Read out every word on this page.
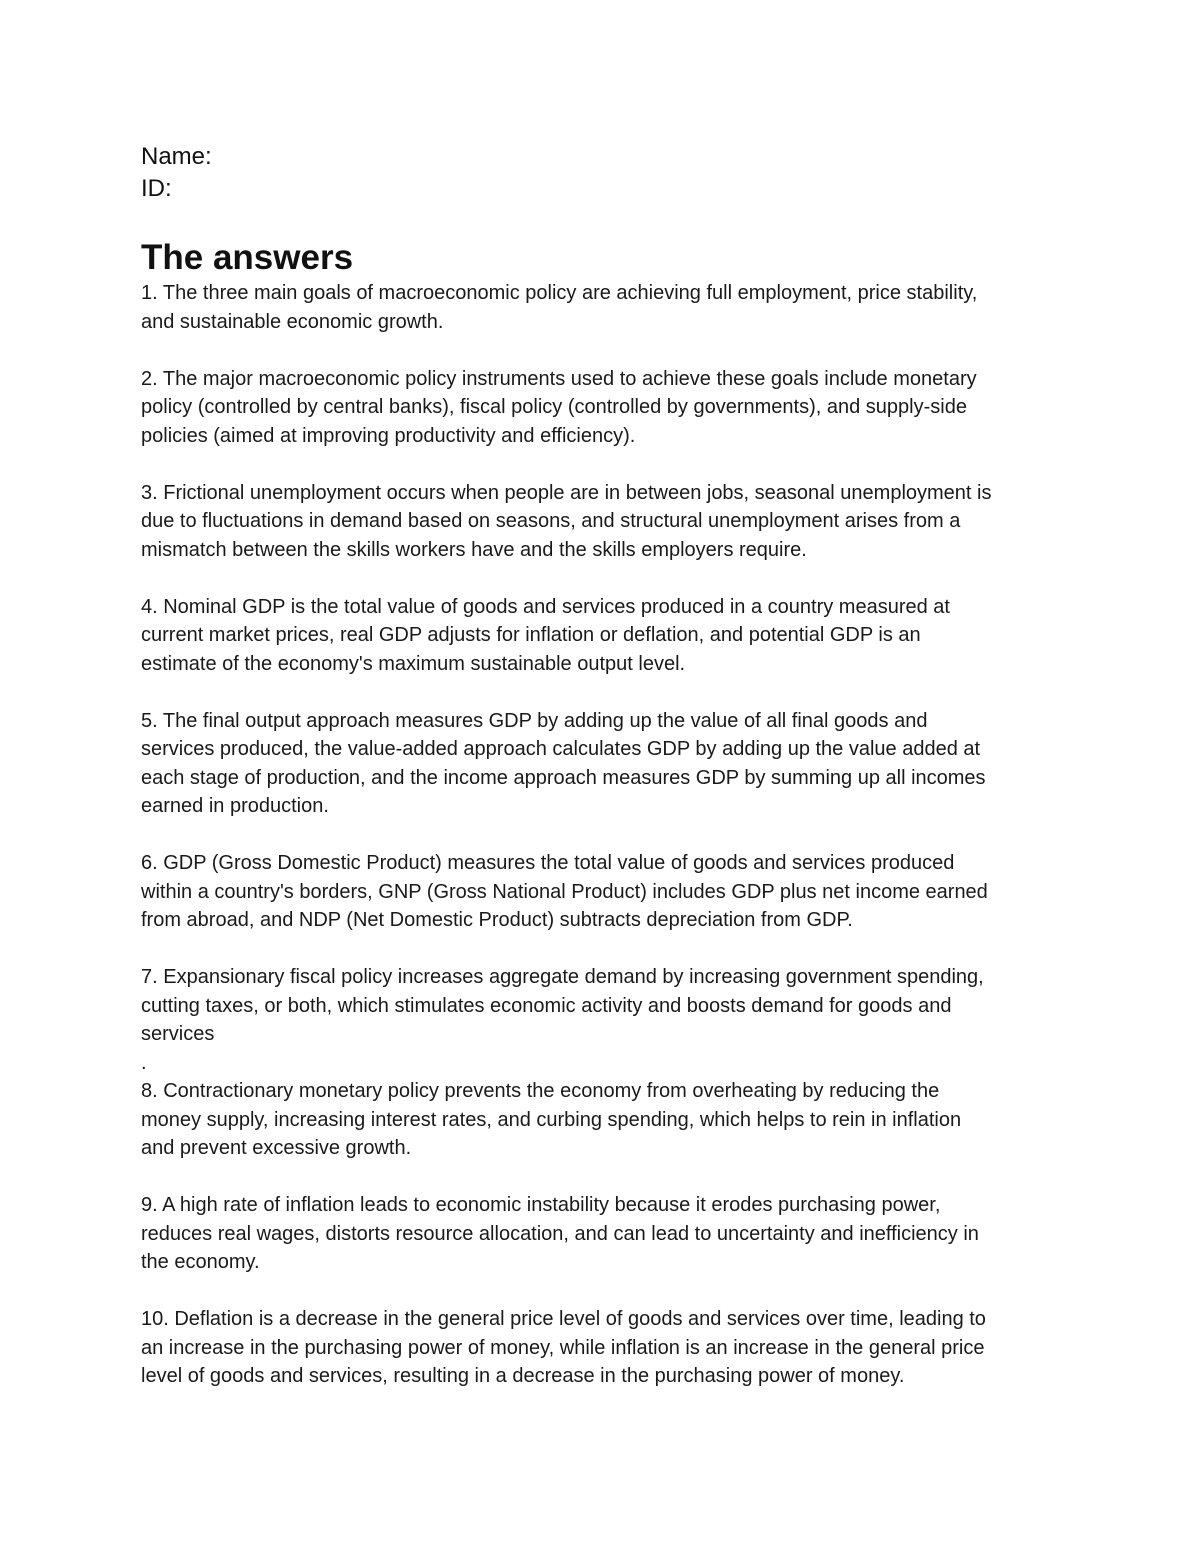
Name:

ID:

The answers

1. The three main goals of macroeconomic policy are achieving full employment, price stability,
and sustainable economic growth.

2. The major macroeconomic policy instruments used to achieve these goals include monetary
policy (controlled by central banks), fiscal policy (controlled by governments), and supply-side
policies (aimed at improving productivity and efficiency).

3. Frictional unemployment occurs when people are in between jobs, seasonal unemployment is
due to fluctuations in demand based on seasons, and structural unemployment arises from a
mismatch between the skills workers have and the skills employers require.

4. Nominal GDP is the total value of goods and services produced in a country measured at
current market prices, real GDP adjusts for inflation or deflation, and potential GDP is an
estimate of the economy's maximum sustainable output level.

5. The final output approach measures GDP by adding up the value of all final goods and
services produced, the value-added approach calculates GDP by adding up the value added at
each stage of production, and the income approach measures GDP by summing up all incomes
earned in production.

6. GDP (Gross Domestic Product) measures the total value of goods and services produced
within a country's borders, GNP (Gross National Product) includes GDP plus net income earned
from abroad, and NDP (Net Domestic Product) subtracts depreciation from GDP.

7. Expansionary fiscal policy increases aggregate demand by increasing government spending,
cutting taxes, or both, which stimulates economic activity and boosts demand for goods and
services

.

8. Contractionary monetary policy prevents the economy from overheating by reducing the
money supply, increasing interest rates, and curbing spending, which helps to rein in inflation
and prevent excessive growth.

9. A high rate of inflation leads to economic instability because it erodes purchasing power,
reduces real wages, distorts resource allocation, and can lead to uncertainty and inefficiency in
the economy.

10. Deflation is a decrease in the general price level of goods and services over time, leading to
an increase in the purchasing power of money, while inflation is an increase in the general price
level of goods and services, resulting in a decrease in the purchasing power of money.
